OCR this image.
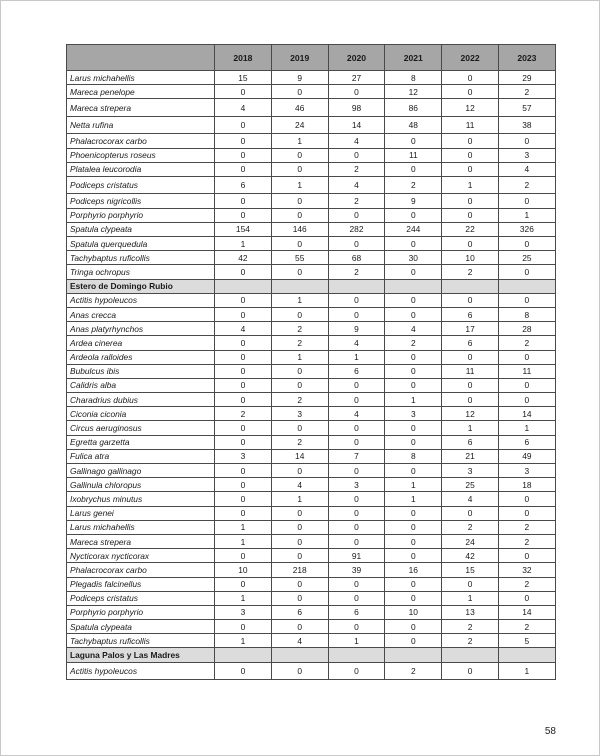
	2018	2019	2020	2021	2022	2023
Larus michahellis	15	9	27	8	0	29
Mareca penelope	0	0	0	12	0	2
Mareca strepera	4	46	98	86	12	57
Netta rufina	0	24	14	48	11	38
Phalacrocorax carbo	0	1	4	0	0	0
Phoenicopterus roseus	0	0	0	11	0	3
Platalea leucorodia	0	0	2	0	0	4
Podiceps cristatus	6	1	4	2	1	2
Podiceps nigricollis	0	0	2	9	0	0
Porphyrio porphyrio	0	0	0	0	0	1
Spatula clypeata	154	146	282	244	22	326
Spatula querquedula	1	0	0	0	0	0
Tachybaptus ruficollis	42	55	68	30	10	25
Tringa ochropus	0	0	2	0	2	0
Estero de Domingo Rubio						
Actitis hypoleucos	0	1	0	0	0	0
Anas crecca	0	0	0	0	6	8
Anas platyrhynchos	4	2	9	4	17	28
Ardea cinerea	0	2	4	2	6	2
Ardeola ralloides	0	1	1	0	0	0
Bubulcus ibis	0	0	6	0	11	11
Calidris alba	0	0	0	0	0	0
Charadrius dubius	0	2	0	1	0	0
Ciconia ciconia	2	3	4	3	12	14
Circus aeruginosus	0	0	0	0	1	1
Egretta garzetta	0	2	0	0	6	6
Fulica atra	3	14	7	8	21	49
Gallinago gallinago	0	0	0	0	3	3
Gallinula chloropus	0	4	3	1	25	18
Ixobrychus minutus	0	1	0	1	4	0
Larus genei	0	0	0	0	0	0
Larus michahellis	1	0	0	0	2	2
Mareca strepera	1	0	0	0	24	2
Nycticorax nycticorax	0	0	91	0	42	0
Phalacrocorax carbo	10	218	39	16	15	32
Plegadis falcinellus	0	0	0	0	0	2
Podiceps cristatus	1	0	0	0	1	0
Porphyrio porphyrio	3	6	6	10	13	14
Spatula clypeata	0	0	0	0	2	2
Tachybaptus ruficollis	1	4	1	0	2	5
Laguna Palos y Las Madres						
Actitis hypoleucos	0	0	0	2	0	1
58
